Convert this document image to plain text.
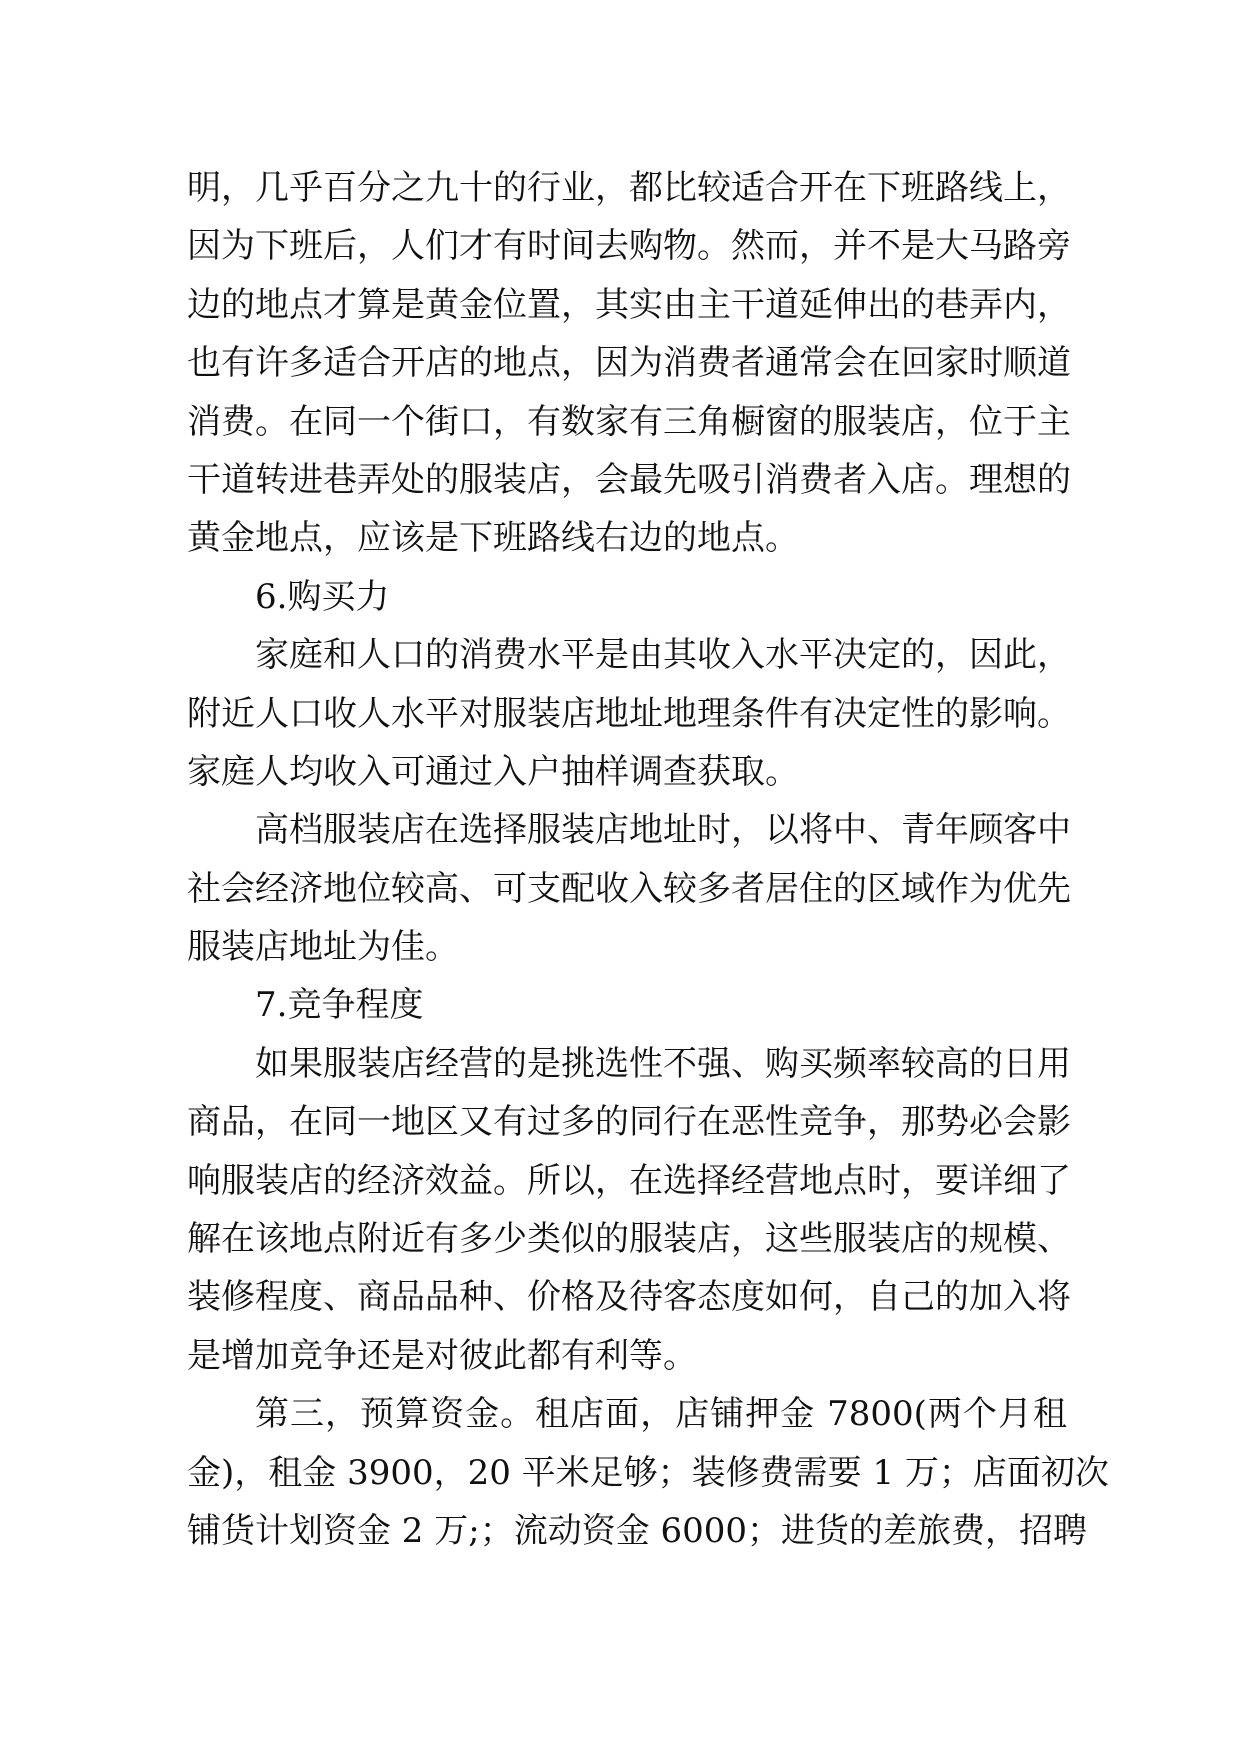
明，几乎百分之九十的行业，都比较适合开在下班路线上，
因为下班后，人们才有时间去购物。然而，并不是大马路旁
边的地点才算是黄金位置，其实由主干道延伸出的巷弄内，
也有许多适合开店的地点，因为消费者通常会在回家时顺道
消费。在同一个街口，有数家有三角橱窗的服装店，位于主
干道转进巷弄处的服装店，会最先吸引消费者入店。理想的
黄金地点，应该是下班路线右边的地点。
6.购买力
家庭和人口的消费水平是由其收入水平决定的，因此，
附近人口收人水平对服装店地址地理条件有决定性的影响。
家庭人均收入可通过入户抽样调查获取。
高档服装店在选择服装店地址时，以将中、青年顾客中
社会经济地位较高、可支配收入较多者居住的区域作为优先
服装店地址为佳。
7.竞争程度
如果服装店经营的是挑选性不强、购买频率较高的日用
商品，在同一地区又有过多的同行在恶性竞争，那势必会影
响服装店的经济效益。所以，在选择经营地点时，要详细了
解在该地点附近有多少类似的服装店，这些服装店的规模、
装修程度、商品品种、价格及待客态度如何，自己的加入将
是增加竞争还是对彼此都有利等。
第三，预算资金。租店面，店铺押金 7800(两个月租
金)，租金 3900，20 平米足够；装修费需要 1 万；店面初次
铺货计划资金 2 万;；流动资金 6000；进货的差旅费，招聘
